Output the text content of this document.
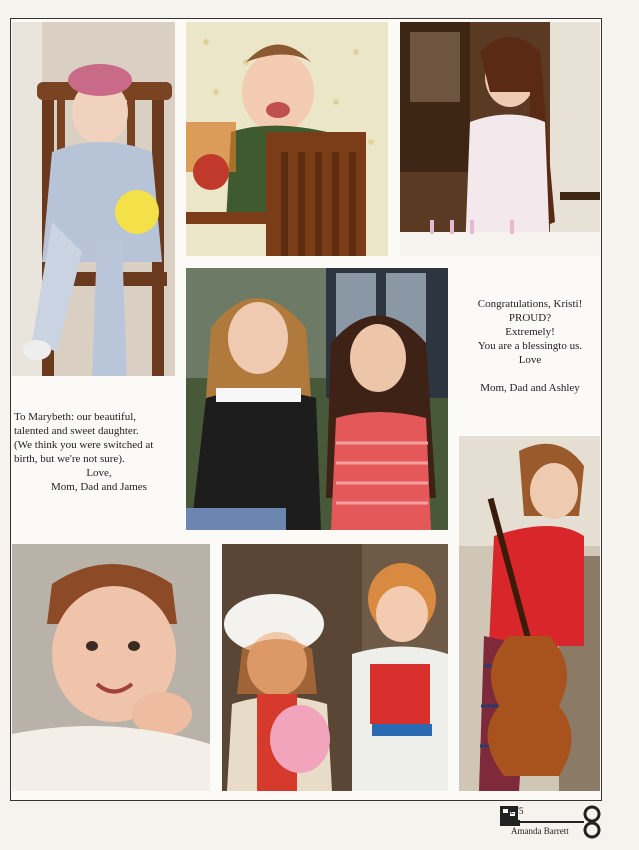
To Marybeth: our beautiful,
talented and sweet daughter.
(We think you were switched at
birth, but we're not sure).
Love,
Mom, Dad and James
Congratulations, Kristi!
PROUD?
Extremely!
You are a blessingto us.
Love

Mom, Dad and Ashley
275
Amanda Barrett
